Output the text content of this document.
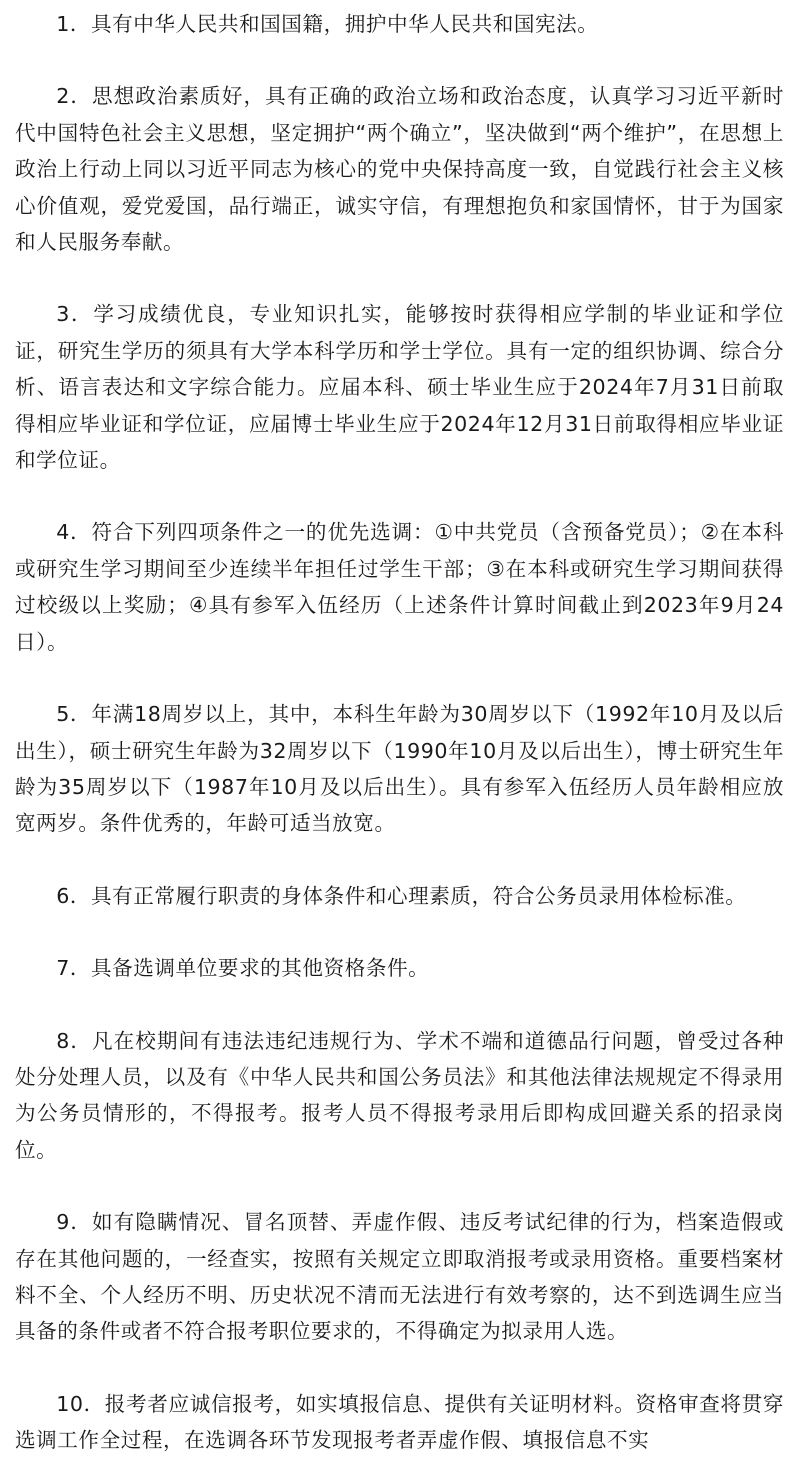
1．具有中华人民共和国国籍，拥护中华人民共和国宪法。

2．思想政治素质好，具有正确的政治立场和政治态度，认真学习习近平新时代中国特色社会主义思想，坚定拥护“两个确立”，坚决做到“两个维护”，在思想上政治上行动上同以习近平同志为核心的党中央保持高度一致，自觉践行社会主义核心价值观，爱党爱国，品行端正，诚实守信，有理想抱负和家国情怀，甘于为国家和人民服务奉献。

3．学习成绩优良，专业知识扎实，能够按时获得相应学制的毕业证和学位证，研究生学历的须具有大学本科学历和学士学位。具有一定的组织协调、综合分析、语言表达和文字综合能力。应届本科、硕士毕业生应于2024年7月31日前取得相应毕业证和学位证，应届博士毕业生应于2024年12月31日前取得相应毕业证和学位证。

4．符合下列四项条件之一的优先选调：①中共党员（含预备党员）；②在本科或研究生学习期间至少连续半年担任过学生干部；③在本科或研究生学习期间获得过校级以上奖励；④具有参军入伍经历（上述条件计算时间截止到2023年9月24日）。

5．年满18周岁以上，其中，本科生年龄为30周岁以下（1992年10月及以后出生），硕士研究生年龄为32周岁以下（1990年10月及以后出生），博士研究生年龄为35周岁以下（1987年10月及以后出生）。具有参军入伍经历人员年龄相应放宽两岁。条件优秀的，年龄可适当放宽。

6．具有正常履行职责的身体条件和心理素质，符合公务员录用体检标准。

7．具备选调单位要求的其他资格条件。

8．凡在校期间有违法违纪违规行为、学术不端和道德品行问题，曾受过各种处分处理人员，以及有《中华人民共和国公务员法》和其他法律法规规定不得录用为公务员情形的，不得报考。报考人员不得报考录用后即构成回避关系的招录岗位。

9．如有隐瞒情况、冒名顶替、弄虚作假、违反考试纪律的行为，档案造假或存在其他问题的，一经查实，按照有关规定立即取消报考或录用资格。重要档案材料不全、个人经历不明、历史状况不清而无法进行有效考察的，达不到选调生应当具备的条件或者不符合报考职位要求的，不得确定为拟录用人选。

10．报考者应诚信报考，如实填报信息、提供有关证明材料。资格审查将贯穿选调工作全过程，在选调各环节发现报考者弄虚作假、填报信息不实
